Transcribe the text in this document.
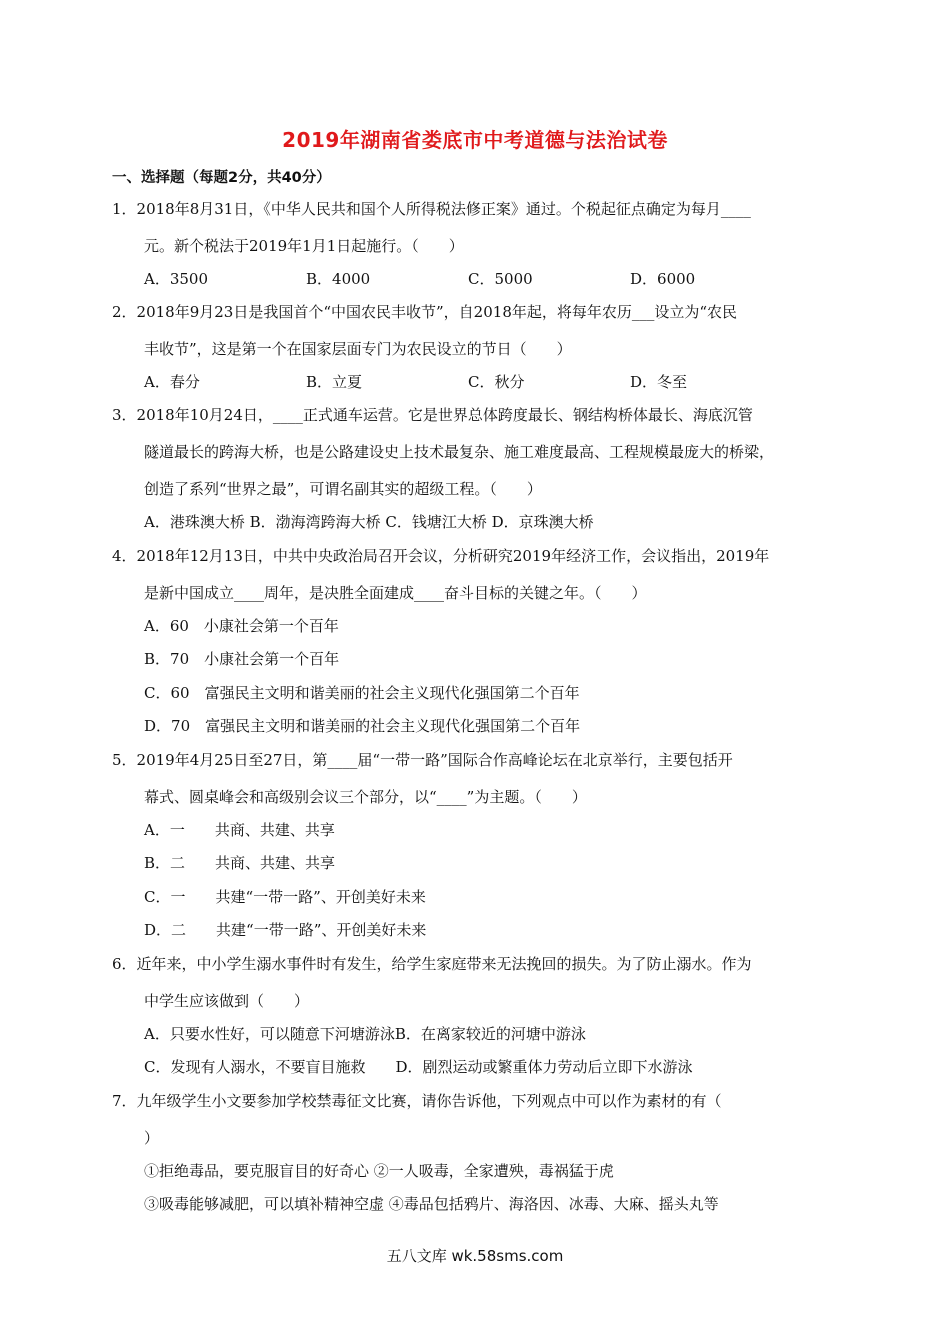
2019年湖南省娄底市中考道德与法治试卷
一、选择题（每题2分，共40分）
1．2018年8月31日，《中华人民共和国个人所得税法修正案》通过。个税起征点确定为每月____
元。新个税法于2019年1月1日起施行。（　　）
A．3500	B．4000	C．5000	D．6000
2．2018年9月23日是我国首个“中国农民丰收节”，自2018年起，将每年农历___设立为“农民
丰收节”，这是第一个在国家层面专门为农民设立的节日（　　）
A．春分	B．立夏	C．秋分	D．冬至
3．2018年10月24日，____正式通车运营。它是世界总体跨度最长、钢结构桥体最长、海底沉管
隧道最长的跨海大桥，也是公路建设史上技术最复杂、施工难度最高、工程规模最庞大的桥梁，
创造了系列“世界之最”，可谓名副其实的超级工程。（　　）
A．港珠澳大桥 B．渤海湾跨海大桥 C．钱塘江大桥 D．京珠澳大桥
4．2018年12月13日，中共中央政治局召开会议，分析研究2019年经济工作，会议指出，2019年
是新中国成立____周年，是决胜全面建成____奋斗目标的关键之年。（　　）
A．60　小康社会第一个百年
B．70　小康社会第一个百年
C．60　富强民主文明和谐美丽的社会主义现代化强国第二个百年
D．70　富强民主文明和谐美丽的社会主义现代化强国第二个百年
5．2019年4月25日至27日，第____届“一带一路”国际合作高峰论坛在北京举行，主要包括开
幕式、圆桌峰会和高级别会议三个部分，以“____”为主题。（　　）
A．一　　共商、共建、共享
B．二　　共商、共建、共享
C．一　　共建“一带一路”、开创美好未来
D．二　　共建“一带一路”、开创美好未来
6．近年来，中小学生溺水事件时有发生，给学生家庭带来无法挽回的损失。为了防止溺水。作为
中学生应该做到（　　）
A．只要水性好，可以随意下河塘游泳B．在离家较近的河塘中游泳
C．发现有人溺水，不要盲目施救　　D．剧烈运动或繁重体力劳动后立即下水游泳
7．九年级学生小文要参加学校禁毒征文比赛，请你告诉他，下列观点中可以作为素材的有（
）
①拒绝毒品，要克服盲目的好奇心 ②一人吸毒，全家遭殃，毒祸猛于虎
③吸毒能够减肥，可以填补精神空虚 ④毒品包括鸦片、海洛因、冰毒、大麻、摇头丸等
五八文库 wk.58sms.com
